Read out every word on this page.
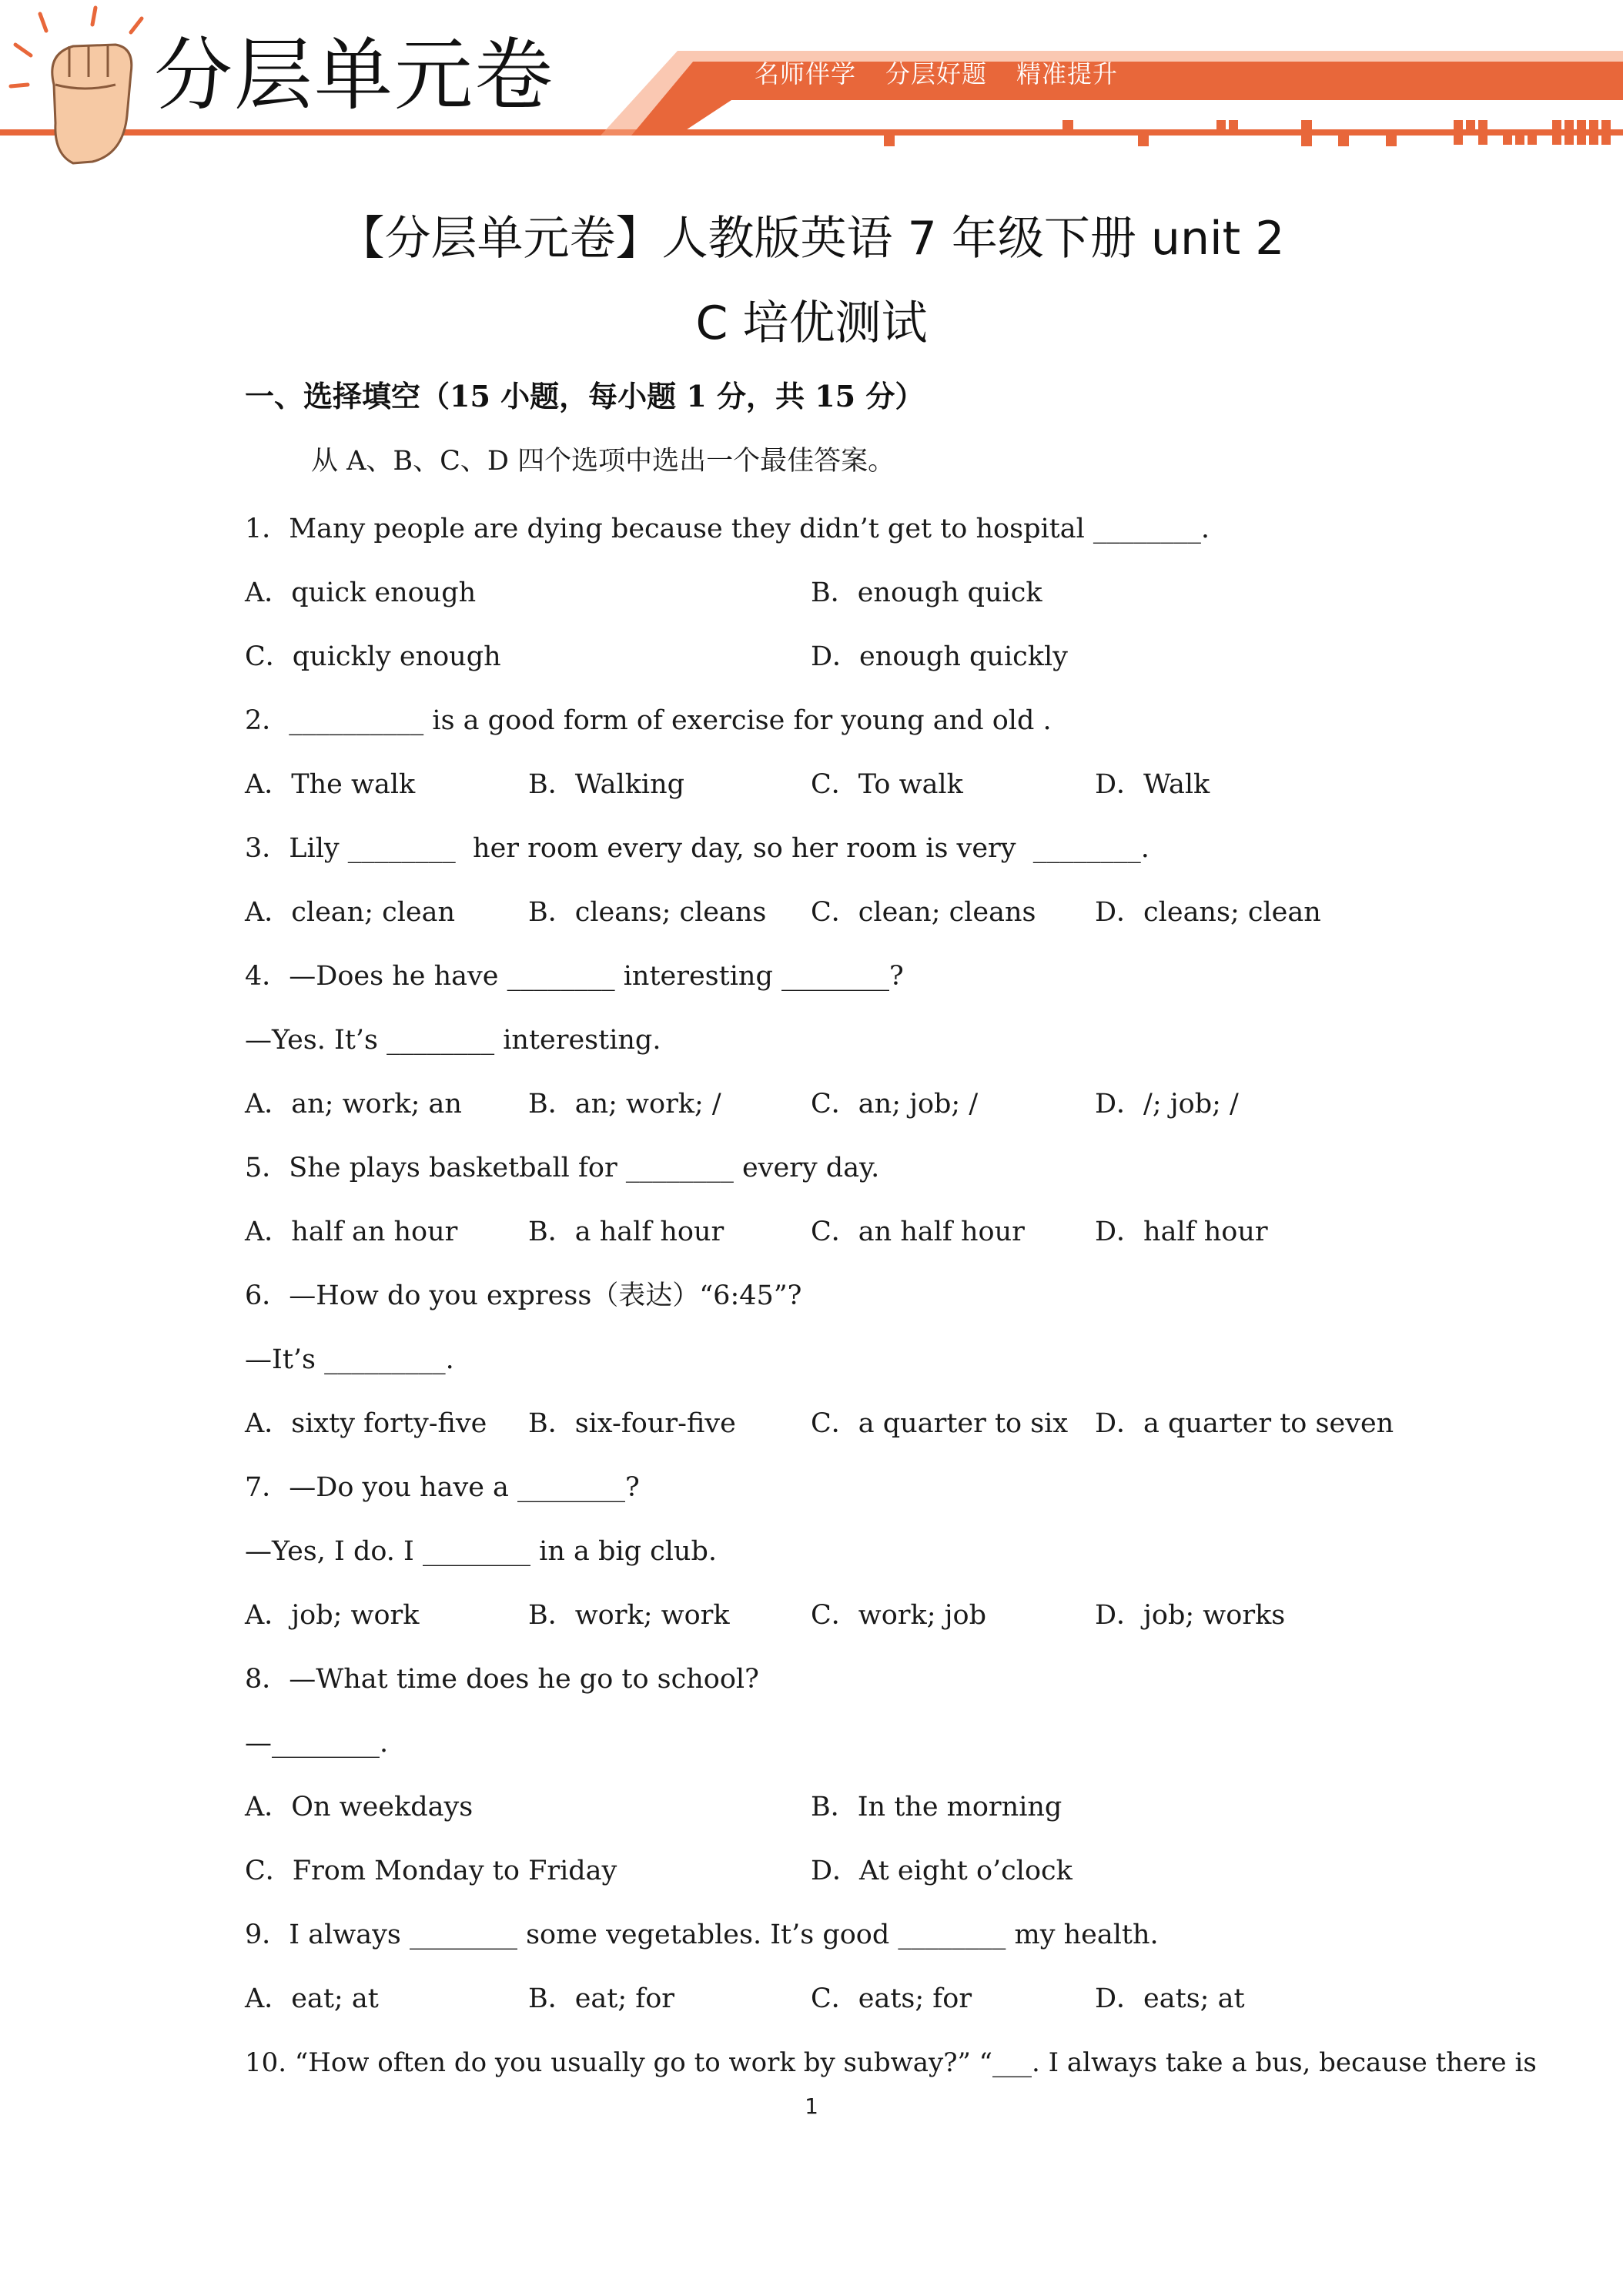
分层单元卷	名师伴学 分层好题 精准提升
【分层单元卷】人教版英语 7 年级下册 unit 2
C 培优测试
一、选择填空（15 小题，每小题 1 分，共 15 分）
从 A、B、C、D 四个选项中选出一个最佳答案。
1．Many people are dying because they didn’t get to hospital ________.
A．quick enough	B．enough quick
C．quickly enough	D．enough quickly
2．__________ is a good form of exercise for young and old .
A．The walk	B．Walking	C．To walk	D．Walk
3．Lily ________  her room every day, so her room is very  ________.
A．clean; clean	B．cleans; cleans C．clean; cleans D．cleans; clean
4．—Does he have ________ interesting ________?
—Yes. It’s ________ interesting.
A．an; work; an B．an; work; /	C．an; job; /	D．/; job; /
5．She plays basketball for ________ every day.
A．half an hour	B．a half hour	C．an half hour	D．half hour
6．—How do you express（表达）“6:45”?
—It’s _________.
A．sixty forty-five B．six-four-five	C．a quarter to six D．a quarter to seven
7．—Do you have a ________?
—Yes, I do. I ________ in a big club.
A．job; work	B．work; work	C．work; job	D．job; works
8．—What time does he go to school?
—________.
A．On weekdays	B．In the morning
C．From Monday to Friday	D．At eight o’clock
9．I always ________ some vegetables. It’s good ________ my health.
A．eat; at	B．eat; for	C．eats; for	D．eats; at
10. “How often do you usually go to work by subway?” “___. I always take a bus, because there is
1
